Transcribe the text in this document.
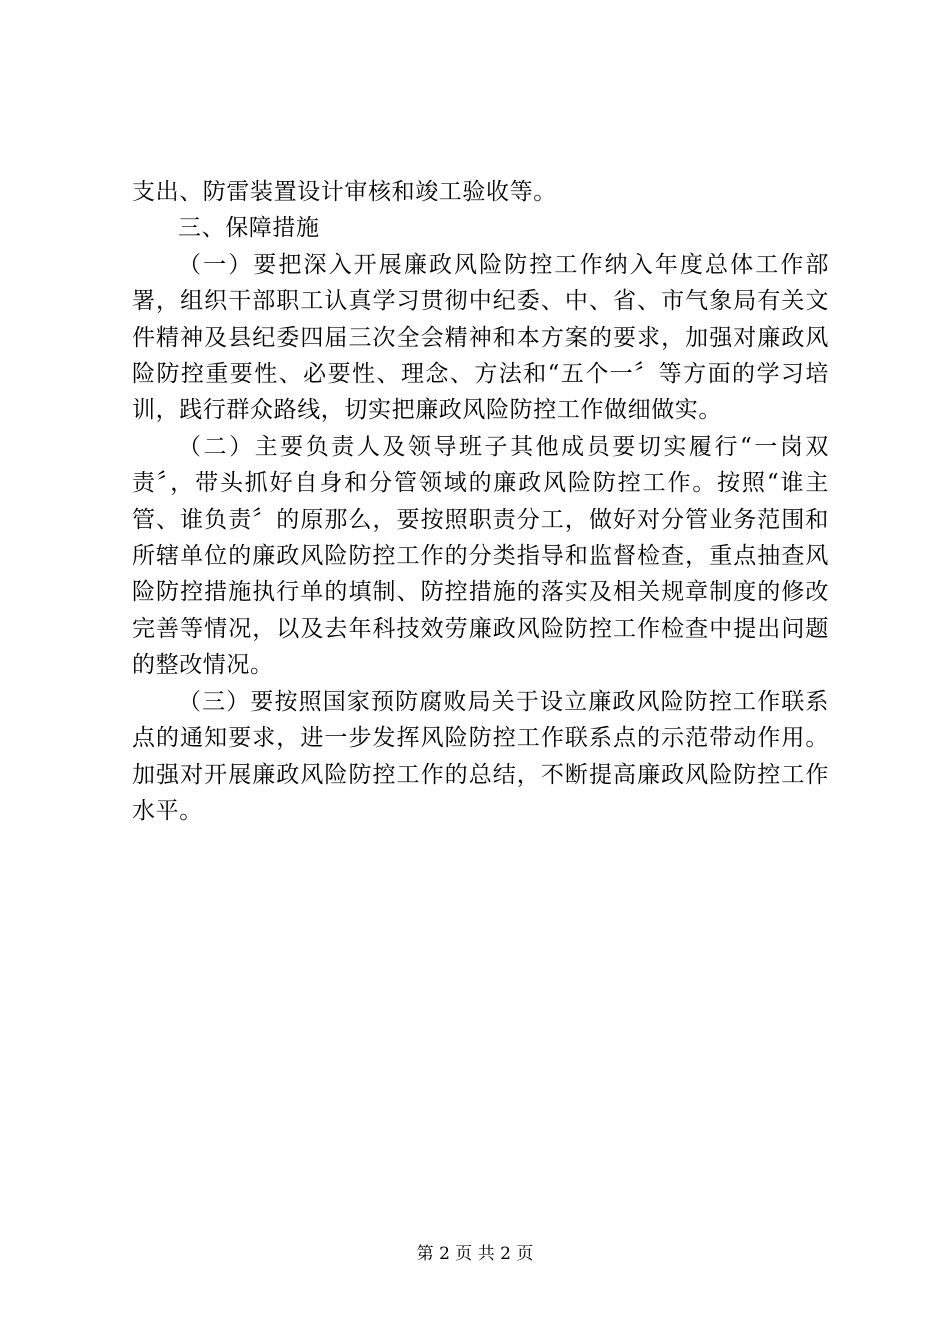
支出、防雷装置设计审核和竣工验收等。

三、保障措施

（一）要把深入开展廉政风险防控工作纳入年度总体工作部署，组织干部职工认真学习贯彻中纪委、中、省、市气象局有关文件精神及县纪委四届三次全会精神和本方案的要求，加强对廉政风险防控重要性、必要性、理念、方法和“五个一〞等方面的学习培训，践行群众路线，切实把廉政风险防控工作做细做实。

（二）主要负责人及领导班子其他成员要切实履行“一岗双责〞，带头抓好自身和分管领域的廉政风险防控工作。按照“谁主管、谁负责〞的原那么，要按照职责分工，做好对分管业务范围和所辖单位的廉政风险防控工作的分类指导和监督检查，重点抽查风险防控措施执行单的填制、防控措施的落实及相关规章制度的修改完善等情况，以及去年科技效劳廉政风险防控工作检查中提出问题的整改情况。

（三）要按照国家预防腐败局关于设立廉政风险防控工作联系点的通知要求，进一步发挥风险防控工作联系点的示范带动作用。加强对开展廉政风险防控工作的总结，不断提高廉政风险防控工作水平。

第 2 页 共 2 页
